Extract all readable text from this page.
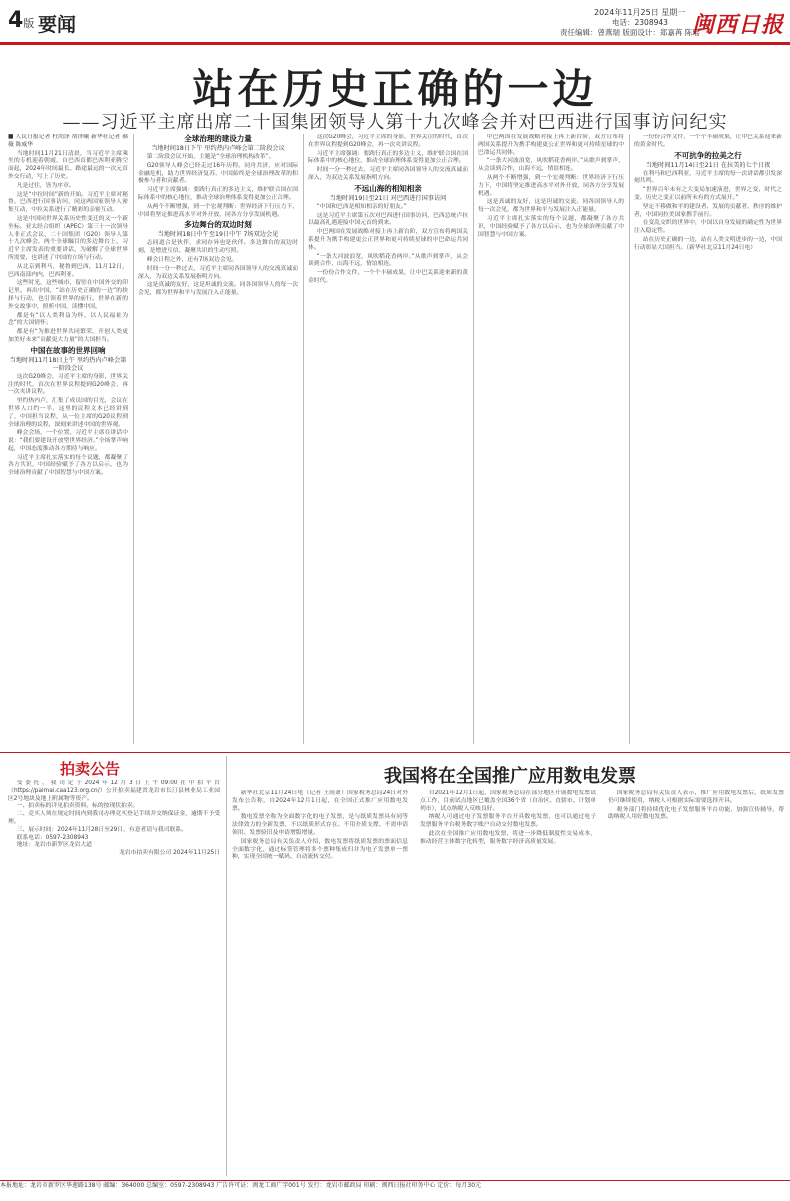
4版 要闻
2024年11月25日 星期一
电话：2308943
责任编辑：曾燕瑞 版面设计：郑嘉苒 陈瑶
闽西日报
站在历史正确的一边
——习近平主席出席二十国集团领导人第十九次峰会并对巴西进行国事访问纪实

■ 人民日报记者 杜尚泽 胡泽曦 新华社记者 郝薇 陈威华

当地时间11月21日清晨，当习近平主席乘坐的专机迎着朝霞，自巴西首都巴西利亚腾空而起，2024年时间最长、路途最远的一次元首外交行动，写上了历史。

凡是过往，皆为序章。

这是“中拉时间”新的开始。习近平主席对秘鲁、巴西进行国事访问，同这两国家领导人密集互动，中拉关系进行了精彩的亲密互动。

这是中国同世界关系历史性变迁的又一个新坐标。亚太经合组织（APEC）第三十一次领导人非正式会议、二十国集团（G20）领导人第十九次峰会，两个全球瞩目的多边舞台上，习近平主席发表的重要讲话，为破解了全球世界所需要，也讲述了中国的立场与行动。

从北京到利马，秘鲁到巴西，11月12日，巴西南部内内，巴西利亚。

这些时光，这些城市，留驻在中国外交的印记里。再出中国，“站在历史正确的一边”的抉择与行动，也引领着世界的前行。世界在新的外交故事中，照析中国，读懂中国。

都是有“以人类利益为怀，以人民福祉为念”的大国情怀；

都是有“为推进世界共同繁荣，开创人类更加美好未来”贡献更大力量”的大国担当。

中国在故事的世界回响

当地时间11月18日上午 里约热内卢峰会第一阶段会议

这次G20峰会，习近平主席的身影，世界关注的时代，首次在世界议程提到G20峰会，再一次夹讲议程。

里约热内卢，汇集了成员国的目光，会议在世界人口约一半，这里的议程文本已经讲到了，中国担当议程，从一位主席的G20议程到全球治理的议程，深刻来讲述中国的世界观。

峰会会场，一个位置，习近平主席在讲话中说：“我们要建设开放型世界经济。”全场掌声响起，中国态度推动各方期待与响应。

习近平主席扎实落实的每个议题，都凝聚了各方共识，中国经验赋予了各方以启示，也为全球治理贡献了中国智慧与中国方案。

全球治理的建设力量

当地时间18日下午 里约热内卢峰会第二阶段会议

第二阶段会议开始，主题是“全球治理机构改革”。

G20领导人峰会已经走过16年历程。同舟共济，应对国际金融危机，助力世界经济复苏，中国始终是全球治理改革的积极参与者和贡献者。

习近平主席强调：要践行真正的多边主义，维护联合国在国际体系中的核心地位，推动全球治理体系变得更加公正合理。

从两个不断增强，到一个宏观判断：世界经济下行压力下，中国将坚定推进高水平对外开放，同各方分享发展机遇。

多边舞台的双边时刻

当地时间18日中午至19日中午 7场双边会见

志同道合是伙伴，求同存异也是伙伴。多边舞台的双边时刻，是增进互信、凝聚共识的生动写照。

峰会日程之外，还有7场双边会见。

时间一分一秒过去，习近平主席同各国领导人的交流真诚而深入，为双边关系发展指明方向。

这是真诚的友好，这是坦诚的交流。同各国领导人的每一次会见，都为世界和平与发展注入正能量。

这次G20峰会，习近平主席的身影，世界关注的时代，首次在世界议程提到G20峰会，再一次夹讲议程。

习近平主席强调：要践行真正的多边主义，维护联合国在国际体系中的核心地位，推动全球治理体系变得更加公正合理。

时间一分一秒过去，习近平主席同各国领导人的交流真诚而深入，为双边关系发展指明方向。

不远山海的相知相亲

当地时间19日至21日 对巴西进行国事访问

“中国和巴西是相知相亲的好朋友。”

这是习近平主席第五次对巴西进行国事访问，巴西总统卢拉以最高礼遇迎接中国元首的到来。

中巴两国在发展战略对接上再上新台阶，双方宣布将两国关系提升为携手构建更公正世界和更可持续星球的中巴命运共同体。

“一条大河波浪宽，风吹稻花香两岸。”从歌声到掌声，从会谈到合作，山海不远，情谊相连。

一份份合作文件，一个个丰硕成果，让中巴关系迎来新的黄金时代。

中巴两国在发展战略对接上再上新台阶，双方宣布将两国关系提升为携手构建更公正世界和更可持续星球的中巴命运共同体。

“一条大河波浪宽，风吹稻花香两岸。”从歌声到掌声，从会谈到合作，山海不远，情谊相连。

从两个不断增强，到一个宏观判断：世界经济下行压力下，中国将坚定推进高水平对外开放，同各方分享发展机遇。

这是真诚的友好，这是坦诚的交流。同各国领导人的每一次会见，都为世界和平与发展注入正能量。

习近平主席扎实落实的每个议题，都凝聚了各方共识，中国经验赋予了各方以启示，也为全球治理贡献了中国智慧与中国方案。

一份份合作文件，一个个丰硕成果，让中巴关系迎来新的黄金时代。

不可抗争的拉美之行

当地时间11月14日至21日 在拉美的七个日夜

在利马和巴西利亚，习近平主席的每一次讲话都引发深刻共鸣。

“世界百年未有之大变局加速演进，世界之变、时代之变、历史之变正以前所未有的方式展开。”

坚定不移做和平的建设者、发展的贡献者、秩序的维护者，中国同拉美国家携手前行。

在变乱交织的世界中，中国以自身发展的确定性为世界注入稳定性。

站在历史正确的一边，站在人类文明进步的一边，中国行动彰显大国担当。（新华社北京11月24日电）

拍卖公告

受委托，我司定于2024年12月3日上午09:00在中拍平台（https://paimai.caa123.org.cn/）公开拍卖福建省龙岩市长汀县林业局工业园区2号地块及地上附属物等资产。

一、拍卖标的详见拍卖资料，标的按现状拍卖。

二、竞买人须在规定时间内到我司办理竞买登记手续并交纳保证金，逾期不予受理。

三、展示时间：2024年11月28日至29日，有意者请与我司联系。

联系电话：0597-2308943

地址：龙岩市新罗区龙岩大道

龙岩市拍卖有限公司 2024年11月25日

我国将在全国推广应用数电发票

新华社北京11月24日电（记者 王雨萧）国家税务总局24日对外发布公告称，自2024年12月1日起，在全国正式推广应用数电发票。

数电发票全称为全面数字化的电子发票，是与纸质发票具有同等法律效力的全新发票，不以纸质形式存在、不用介质支撑、不需申请领用、发票验旧及申请增版增量。

国家税务总局有关负责人介绍，数电发票将纸质发票的票面信息全面数字化，通过标签管理将多个票种集成归并为电子发票单一票种，实现全国统一赋码、自动流转交付。

自2021年12月1日起，国家税务总局在部分地区开展数电发票试点工作，目前试点地区已覆盖全国36个省（自治区、直辖市、计划单列市），试点纳税人反映良好。

纳税人可通过电子发票服务平台开具数电发票，也可以通过电子发票服务平台税务数字账户自动交付数电发票。

此次在全国推广应用数电发票，将进一步降低制度性交易成本，推动经营主体数字化转型，服务数字经济高质量发展。

国家税务总局有关负责人表示，推广应用数电发票后，纸质发票仍可继续使用，纳税人可根据实际需要选择开具。

税务部门将持续优化电子发票服务平台功能，加强宣传辅导，帮助纳税人用好数电发票。

本报地址：龙岩市新罗区华莲路138号 邮编：364000 总编室：0597-2308943 广告许可证：闽龙工商广字001号 发行：龙岩市邮政局 印刷：闽西日报社印务中心 定价：每月30元
